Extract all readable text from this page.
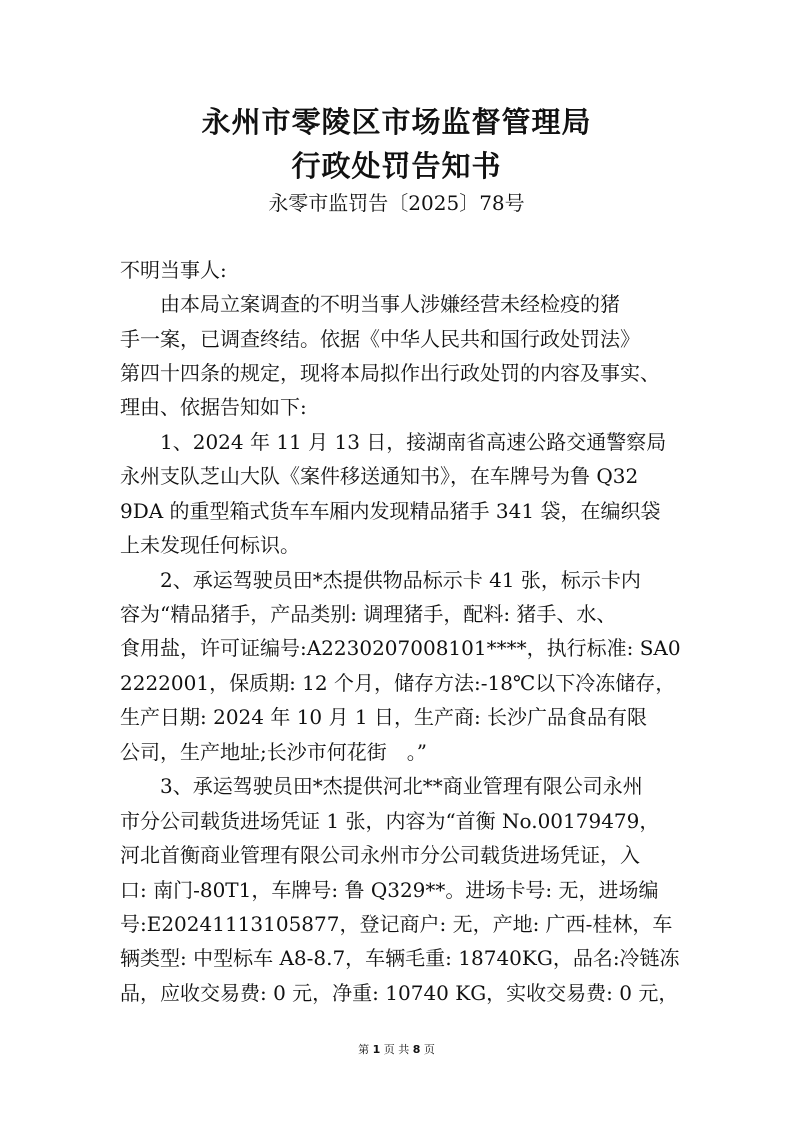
永州市零陵区市场监督管理局
行政处罚告知书
永零市监罚告〔2025〕78号
不明当事人:
　　由本局立案调查的不明当事人涉嫌经营未经检疫的猪
手一案，已调查终结。依据《中华人民共和国行政处罚法》
第四十四条的规定，现将本局拟作出行政处罚的内容及事实、
理由、依据告知如下:
　　1、2024 年 11 月 13 日，接湖南省高速公路交通警察局
永州支队芝山大队《案件移送通知书》，在车牌号为鲁 Q32
9DA 的重型箱式货车车厢内发现精品猪手 341 袋，在编织袋
上未发现任何标识。
　　2、承运驾驶员田*杰提供物品标示卡 41 张，标示卡内
容为“精品猪手，产品类别: 调理猪手，配料: 猪手、水、
食用盐，许可证编号:A2230207008101****，执行标准: SA0
2222001，保质期: 12 个月，储存方法:-18℃以下冷冻储存，
生产日期: 2024 年 10 月 1 日，生产商: 长沙广品食品有限
公司，生产地址;长沙市何花街　。”
　　3、承运驾驶员田*杰提供河北**商业管理有限公司永州
市分公司载货进场凭证 1 张，内容为“首衡 No.00179479，
河北首衡商业管理有限公司永州市分公司载货进场凭证，入
口: 南门-80T1，车牌号: 鲁 Q329**。进场卡号: 无，进场编
号:E20241113105877，登记商户: 无，产地: 广西-桂林，车
辆类型: 中型标车 A8-8.7，车辆毛重: 18740KG，品名:冷链冻
品，应收交易费: 0 元，净重: 10740 KG，实收交易费: 0 元，
第 1 页 共 8 页
